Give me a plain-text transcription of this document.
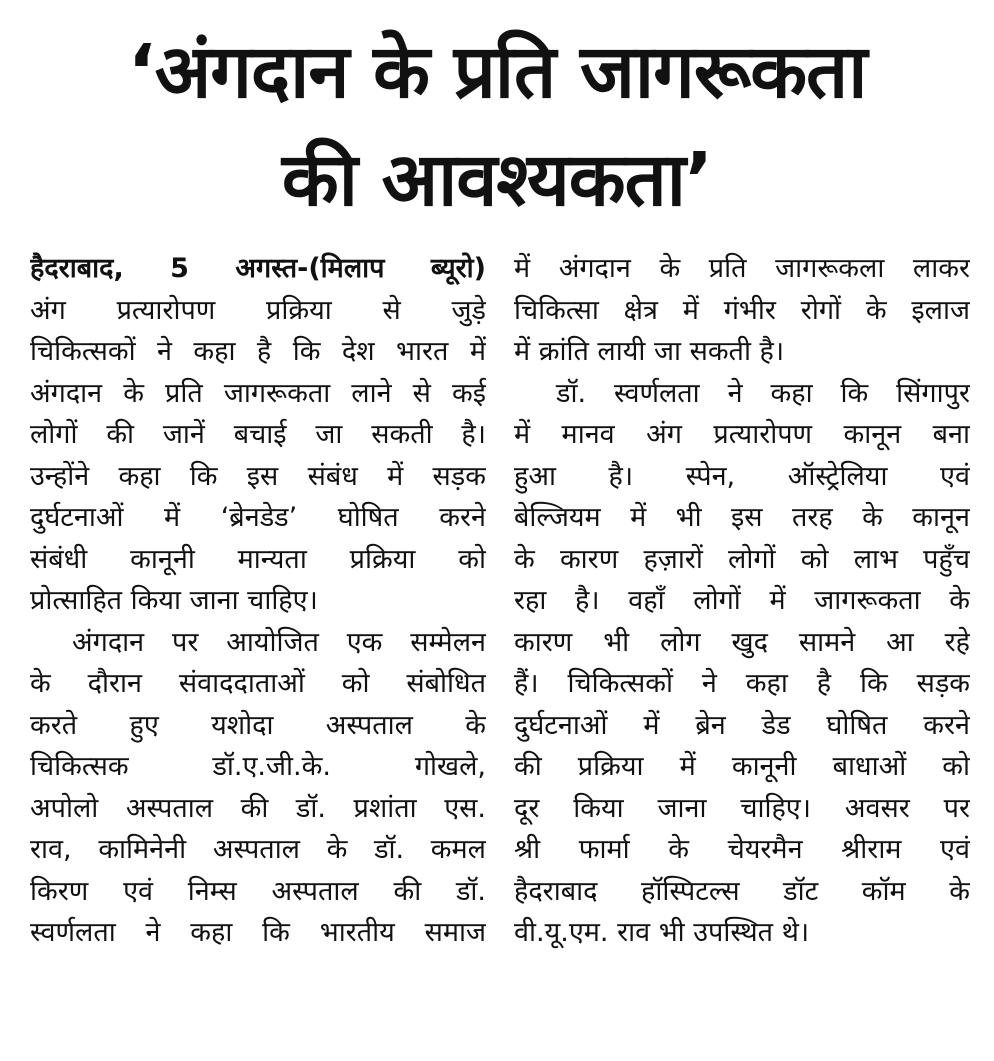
‘अंगदान के प्रति जागरूकता
की आवश्यकता’
हैदराबाद, 5 अगस्त-(मिलाप ब्यूरो)
अंग प्रत्यारोपण प्रक्रिया से जुड़े
चिकित्सकों ने कहा है कि देश भारत में
अंगदान के प्रति जागरूकता लाने से कई
लोगों की जानें बचाई जा सकती है।
उन्होंने कहा कि इस संबंध में सड़क
दुर्घटनाओं में ‘ब्रेनडेड’ घोषित करने
संबंधी कानूनी मान्यता प्रक्रिया को
प्रोत्साहित किया जाना चाहिए।
अंगदान पर आयोजित एक सम्मेलन
के दौरान संवाददाताओं को संबोधित
करते हुए यशोदा अस्पताल के
चिकित्सक डॉ.ए.जी.के. गोखले,
अपोलो अस्पताल की डॉ. प्रशांता एस.
राव, कामिनेनी अस्पताल के डॉ. कमल
किरण एवं निम्स अस्पताल की डॉ.
स्वर्णलता ने कहा कि भारतीय समाज
में अंगदान के प्रति जागरूकला लाकर
चिकित्सा क्षेत्र में गंभीर रोगों के इलाज
में क्रांति लायी जा सकती है।
डॉ. स्वर्णलता ने कहा कि सिंगापुर
में मानव अंग प्रत्यारोपण कानून बना
हुआ है। स्पेन, ऑस्ट्रेलिया एवं
बेल्जियम में भी इस तरह के कानून
के कारण हज़ारों लोगों को लाभ पहुँच
रहा है। वहाँ लोगों में जागरूकता के
कारण भी लोग खुद सामने आ रहे
हैं। चिकित्सकों ने कहा है कि सड़क
दुर्घटनाओं में ब्रेन डेड घोषित करने
की प्रक्रिया में कानूनी बाधाओं को
दूर किया जाना चाहिए। अवसर पर
श्री फार्मा के चेयरमैन श्रीराम एवं
हैदराबाद हॉस्पिटल्स डॉट कॉम के
वी.यू.एम. राव भी उपस्थित थे।
